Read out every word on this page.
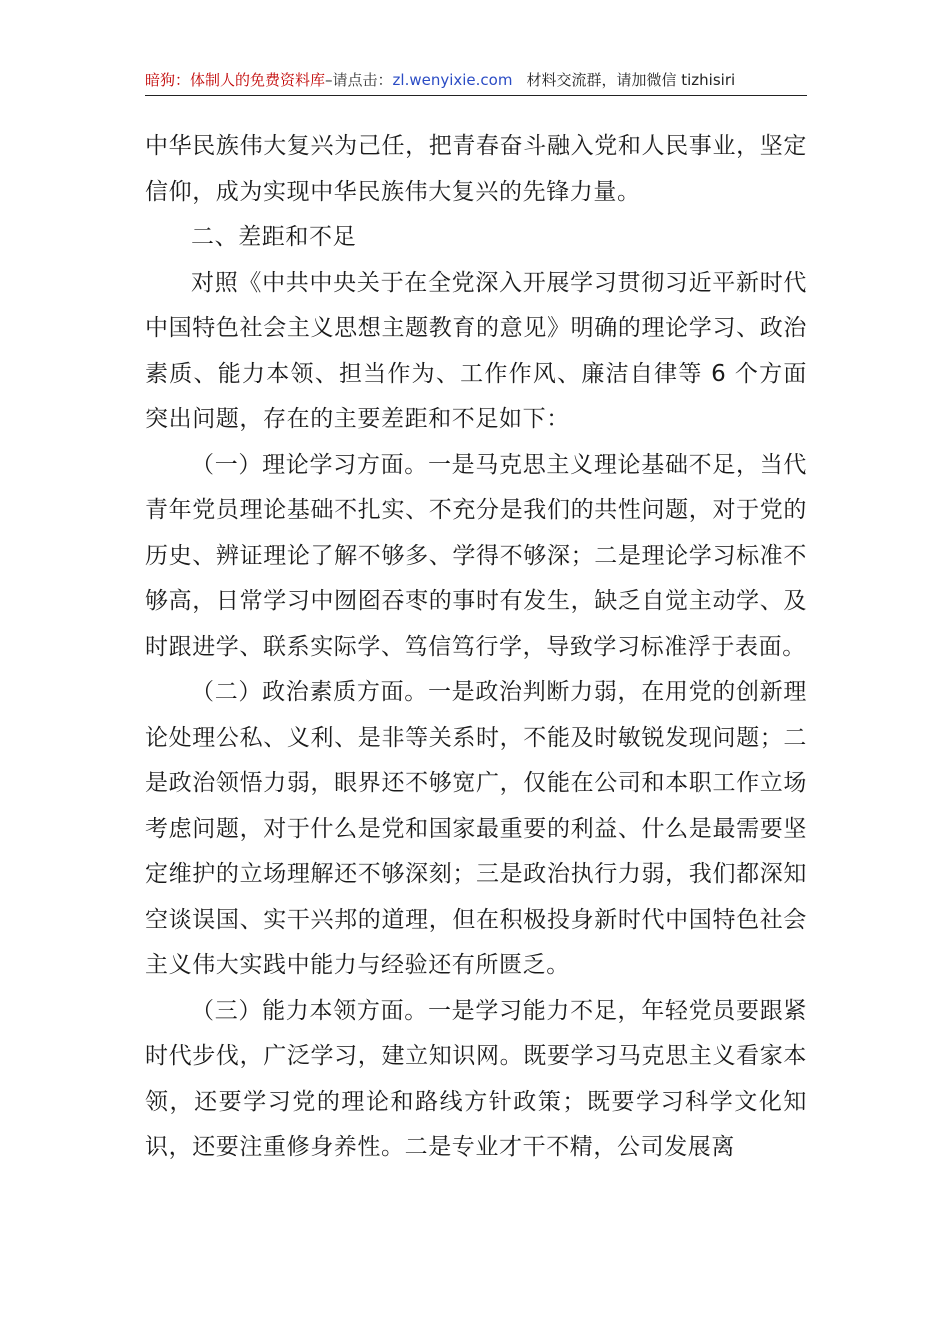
暗狗：体制人的免费资料库–请点击：zl.wenyixie.com 材料交流群，请加微信 tizhisiri

中华民族伟大复兴为己任，把青春奋斗融入党和人民事业，坚定信仰，成为实现中华民族伟大复兴的先锋力量。

二、差距和不足

对照《中共中央关于在全党深入开展学习贯彻习近平新时代中国特色社会主义思想主题教育的意见》明确的理论学习、政治素质、能力本领、担当作为、工作作风、廉洁自律等 6 个方面突出问题，存在的主要差距和不足如下：

（一）理论学习方面。一是马克思主义理论基础不足，当代青年党员理论基础不扎实、不充分是我们的共性问题，对于党的历史、辨证理论了解不够多、学得不够深；二是理论学习标准不够高，日常学习中囫囵吞枣的事时有发生，缺乏自觉主动学、及时跟进学、联系实际学、笃信笃行学，导致学习标准浮于表面。

（二）政治素质方面。一是政治判断力弱，在用党的创新理论处理公私、义利、是非等关系时，不能及时敏锐发现问题；二是政治领悟力弱，眼界还不够宽广，仅能在公司和本职工作立场考虑问题，对于什么是党和国家最重要的利益、什么是最需要坚定维护的立场理解还不够深刻；三是政治执行力弱，我们都深知空谈误国、实干兴邦的道理，但在积极投身新时代中国特色社会主义伟大实践中能力与经验还有所匮乏。

（三）能力本领方面。一是学习能力不足，年轻党员要跟紧时代步伐，广泛学习，建立知识网。既要学习马克思主义看家本领，还要学习党的理论和路线方针政策；既要学习科学文化知识，还要注重修身养性。二是专业才干不精，公司发展离
